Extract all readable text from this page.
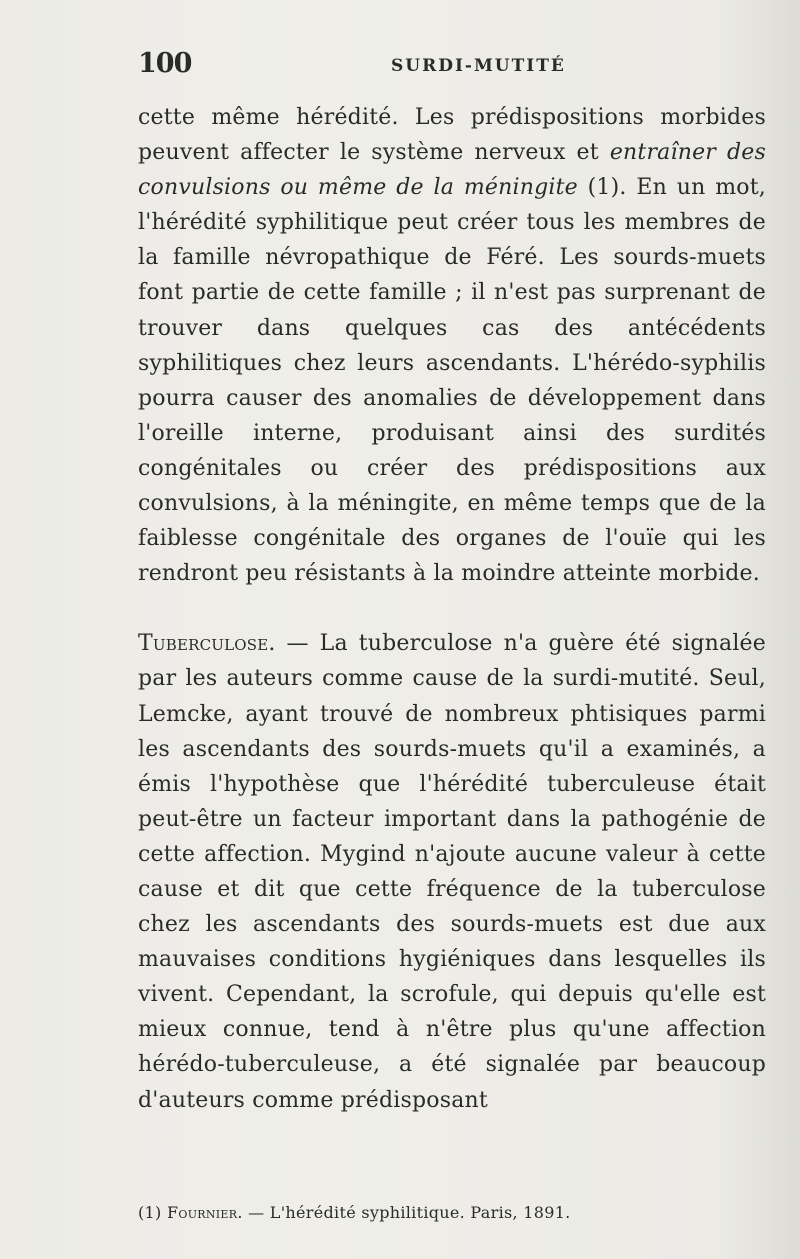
100	SURDI-MUTITÉ

cette même hérédité. Les prédispositions morbides peuvent affecter le système nerveux et entraîner des convulsions ou même de la méningite (1). En un mot, l'hérédité syphilitique peut créer tous les membres de la famille névropathique de Féré. Les sourds-muets font partie de cette famille ; il n'est pas surprenant de trouver dans quelques cas des antécédents syphilitiques chez leurs ascendants. L'hérédo-syphilis pourra causer des anomalies de développement dans l'oreille interne, produisant ainsi des surdités congénitales ou créer des prédispositions aux convulsions, à la méningite, en même temps que de la faiblesse congénitale des organes de l'ouïe qui les rendront peu résistants à la moindre atteinte morbide.

Tuberculose. — La tuberculose n'a guère été signalée par les auteurs comme cause de la surdi-mutité. Seul, Lemcke, ayant trouvé de nombreux phtisiques parmi les ascendants des sourds-muets qu'il a examinés, a émis l'hypothèse que l'hérédité tuberculeuse était peut-être un facteur important dans la pathogénie de cette affection. Mygind n'ajoute aucune valeur à cette cause et dit que cette fréquence de la tuberculose chez les ascendants des sourds-muets est due aux mauvaises conditions hygiéniques dans lesquelles ils vivent. Cependant, la scrofule, qui depuis qu'elle est mieux connue, tend à n'être plus qu'une affection hérédo-tuberculeuse, a été signalée par beaucoup d'auteurs comme prédisposant

(1) Fournier. — L'hérédité syphilitique. Paris, 1891.
